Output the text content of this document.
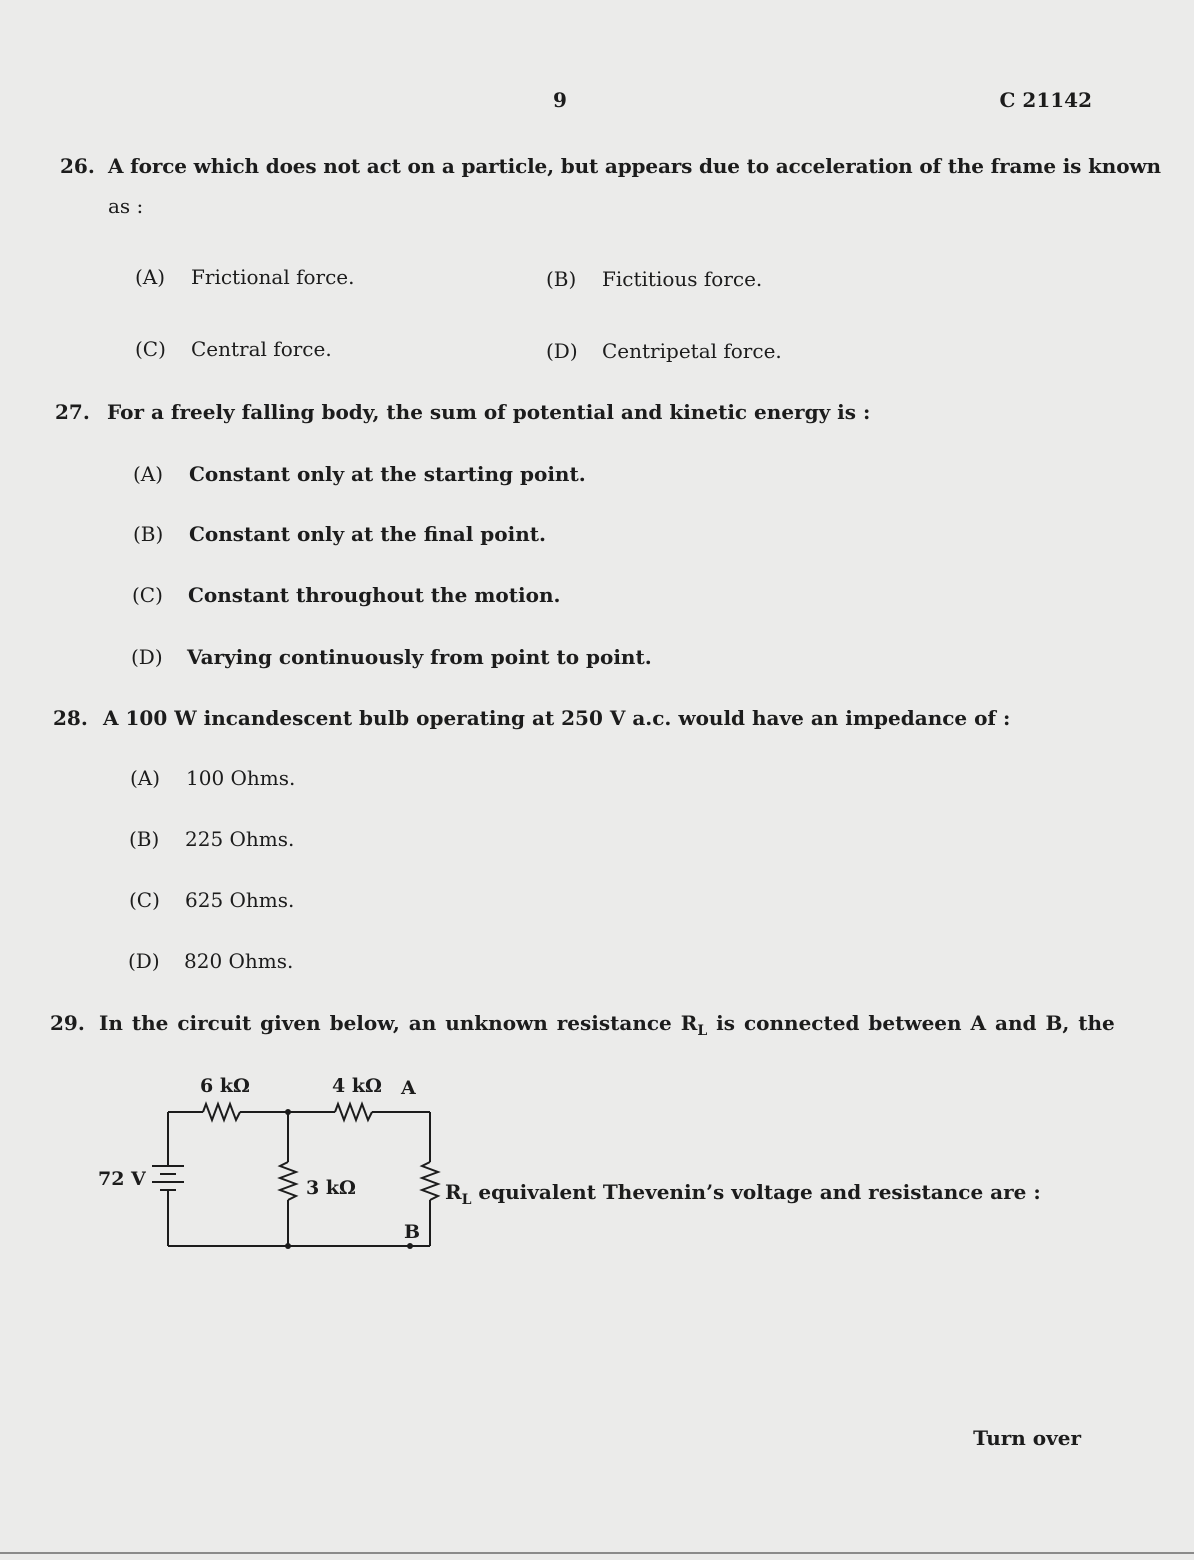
9	C 21142
26. A force which does not act on a particle, but appears due to acceleration of the frame is known
as :
(A) Frictional force.	(B) Fictitious force.
(C) Central force.	(D) Centripetal force.
27. For a freely falling body, the sum of potential and kinetic energy is :
(A) Constant only at the starting point.
(B) Constant only at the final point.
(C) Constant throughout the motion.
(D) Varying continuously from point to point.
28. A 100 W incandescent bulb operating at 250 V a.c. would have an impedance of :
(A) 100 Ohms.
(B) 225 Ohms.
(C) 625 Ohms.
(D) 820 Ohms.
29. In the circuit given below, an unknown resistance $R_L$ is connected between A and B, the
6 kΩ	4 kΩ A
72 V	3 kΩ
B
$R_L$ equivalent Thevenin’s voltage and resistance are :
Turn over
